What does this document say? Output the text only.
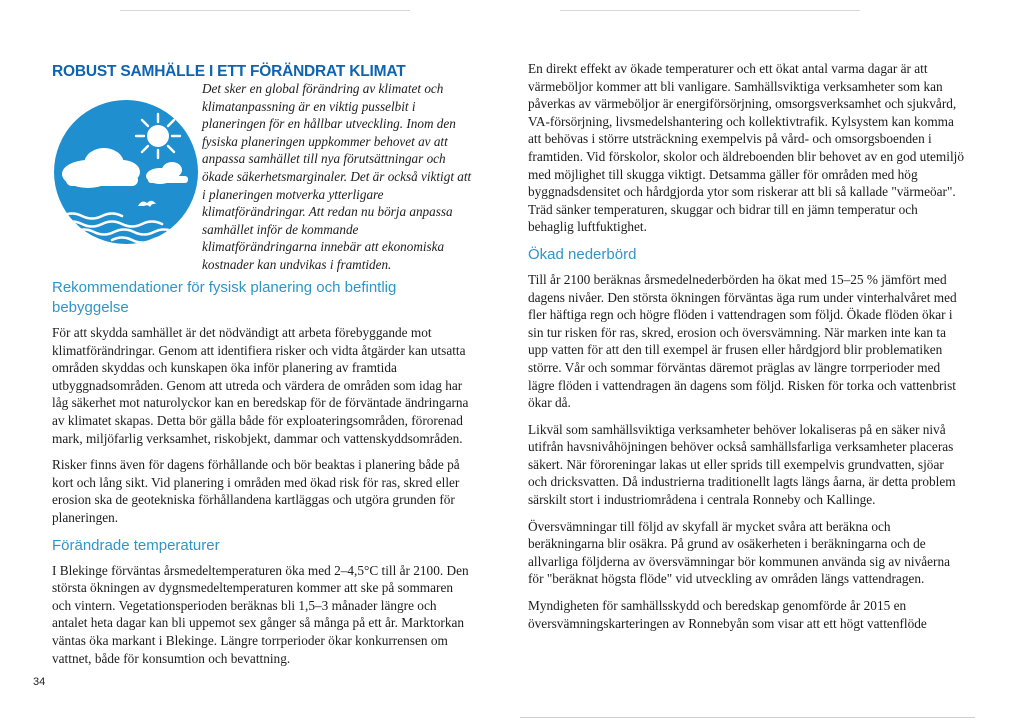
ROBUST SAMHÄLLE I ETT FÖRÄNDRAT KLIMAT

Det sker en global förändring av klimatet och klimatanpassning är en viktig pusselbit i planeringen för en hållbar utveckling. Inom den fysiska planeringen uppkommer behovet av att anpassa samhället till nya förutsättningar och ökade säkerhetsmarginaler. Det är också viktigt att i planeringen motverka ytterligare klimatförändringar. Att redan nu börja anpassa samhället inför de kommande klimatförändringarna innebär att ekonomiska kostnader kan undvikas i framtiden.

Rekommendationer för fysisk planering och befintlig bebyggelse

För att skydda samhället är det nödvändigt att arbeta förebyggande mot klimatförändringar. Genom att identifiera risker och vidta åtgärder kan utsatta områden skyddas och kunskapen öka inför planering av framtida utbyggnadsområden. Genom att utreda och värdera de områden som idag har låg säkerhet mot naturolyckor kan en beredskap för de förväntade ändringarna av klimatet skapas. Detta bör gälla både för exploateringsområden, förorenad mark, miljöfarlig verksamhet, riskobjekt, dammar och vattenskyddsområden.

Risker finns även för dagens förhållande och bör beaktas i planering både på kort och lång sikt. Vid planering i områden med ökad risk för ras, skred eller erosion ska de geotekniska förhållandena kartläggas och utgöra grunden för planeringen.

Förändrade temperaturer

I Blekinge förväntas årsmedeltemperaturen öka med 2–4,5°C till år 2100. Den största ökningen av dygnsmedeltemperaturen kommer att ske på sommaren och vintern. Vegetationsperioden beräknas bli 1,5–3 månader längre och antalet heta dagar kan bli uppemot sex gånger så många på ett år. Marktorkan väntas öka markant i Blekinge. Längre torrperioder ökar konkurrensen om vattnet, både för konsumtion och bevattning.

En direkt effekt av ökade temperaturer och ett ökat antal varma dagar är att värmeböljor kommer att bli vanligare. Samhällsviktiga verksamheter som kan påverkas av värmeböljor är energiförsörjning, omsorgsverksamhet och sjukvård, VA-försörjning, livsmedelshantering och kollektivtrafik. Kylsystem kan komma att behövas i större utsträckning exempelvis på vård- och omsorgsboenden i framtiden. Vid förskolor, skolor och äldreboenden blir behovet av en god utemiljö med möjlighet till skugga viktigt. Detsamma gäller för områden med hög byggnadsdensitet och hårdgjorda ytor som riskerar att bli så kallade "värmeöar". Träd sänker temperaturen, skuggar och bidrar till en jämn temperatur och behaglig luftfuktighet.

Ökad nederbörd

Till år 2100 beräknas årsmedelnederbörden ha ökat med 15–25 % jämfört med dagens nivåer. Den största ökningen förväntas äga rum under vinterhalvåret med fler häftiga regn och högre flöden i vattendragen som följd. Ökade flöden ökar i sin tur risken för ras, skred, erosion och översvämning. När marken inte kan ta upp vatten för att den till exempel är frusen eller hårdgjord blir problematiken större. Vår och sommar förväntas däremot präglas av längre torrperioder med lägre flöden i vattendragen än dagens som följd. Risken för torka och vattenbrist ökar då.

Likväl som samhällsviktiga verksamheter behöver lokaliseras på en säker nivå utifrån havsnivåhöjningen behöver också samhällsfarliga verksamheter placeras säkert. När föroreningar lakas ut eller sprids till exempelvis grundvatten, sjöar och dricksvatten. Då industrierna traditionellt lagts längs åarna, är detta problem särskilt stort i industriområdena i centrala Ronneby och Kallinge.

Översvämningar till följd av skyfall är mycket svåra att beräkna och beräkningarna blir osäkra. På grund av osäkerheten i beräkningarna och de allvarliga följderna av översvämningar bör kommunen använda sig av nivåerna för "beräknat högsta flöde" vid utveckling av områden längs vattendragen.

Myndigheten för samhällsskydd och beredskap genomförde år 2015 en översvämningskarteringen av Ronnebyån som visar att ett högt vattenflöde

34
